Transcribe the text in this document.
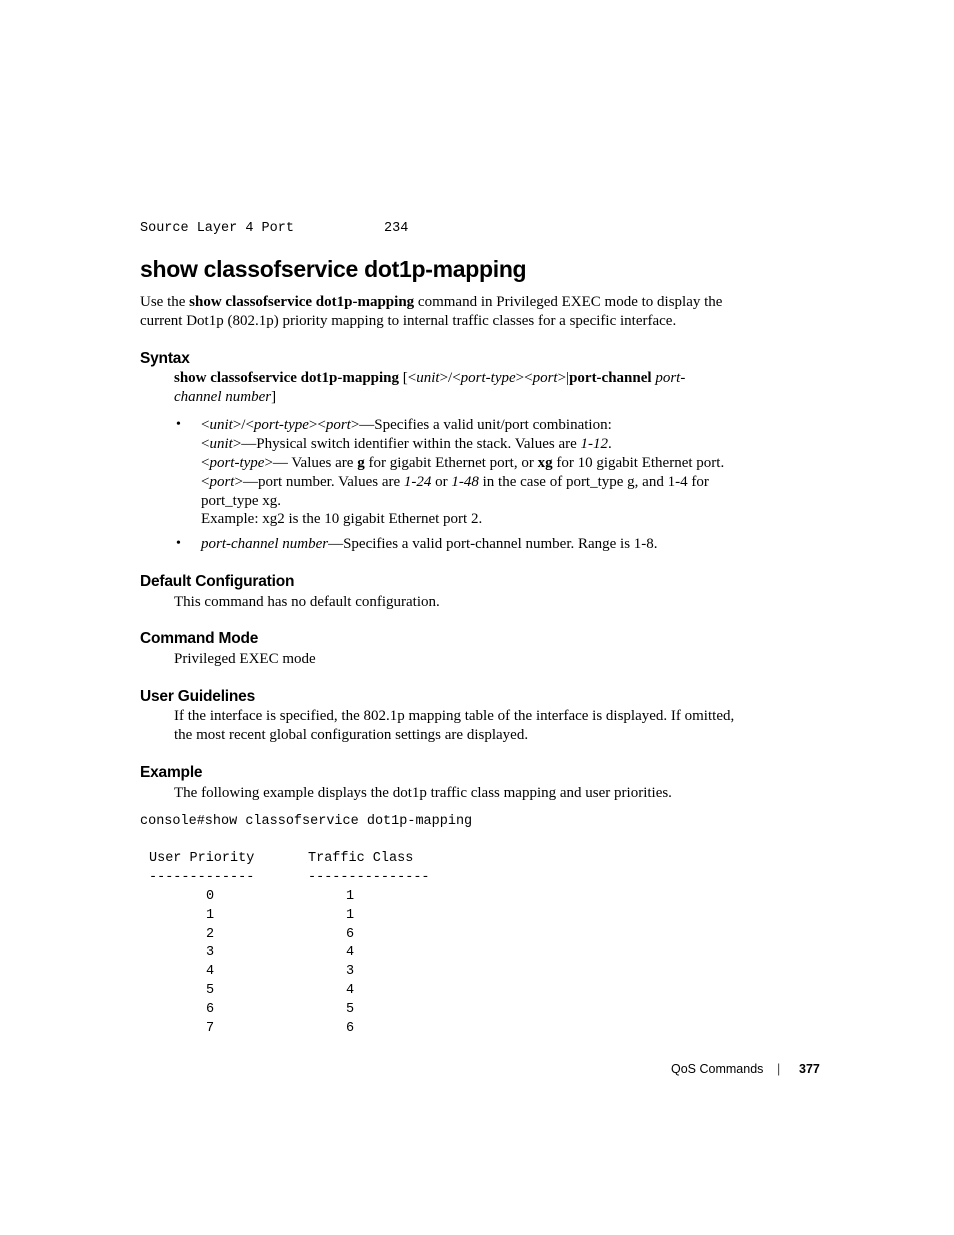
Source Layer 4 Port	234
show classofservice dot1p-mapping
Use the show classofservice dot1p-mapping command in Privileged EXEC mode to display the
current Dot1p (802.1p) priority mapping to internal traffic classes for a specific interface.
Syntax
show classofservice dot1p-mapping [<unit>/<port-type><port>|port-channel port-
channel number]
• <unit>/<port-type><port>—Specifies a valid unit/port combination:
<unit>—Physical switch identifier within the stack. Values are 1-12.
<port-type>— Values are g for gigabit Ethernet port, or xg for 10 gigabit Ethernet port.
<port>—port number. Values are 1-24 or 1-48 in the case of port_type g, and 1-4 for
port_type xg.
Example: xg2 is the 10 gigabit Ethernet port 2.
• port-channel number—Specifies a valid port-channel number. Range is 1-8.
Default Configuration
This command has no default configuration.
Command Mode
Privileged EXEC mode
User Guidelines
If the interface is specified, the 802.1p mapping table of the interface is displayed. If omitted,
the most recent global configuration settings are displayed.
Example
The following example displays the dot1p traffic class mapping and user priorities.
console#show classofservice dot1p-mapping
User Priority	Traffic Class
-------------	---------------
0	1
1	1
2	6
3	4
4	3
5	4
6	5
7	6
QoS Commands | 377
